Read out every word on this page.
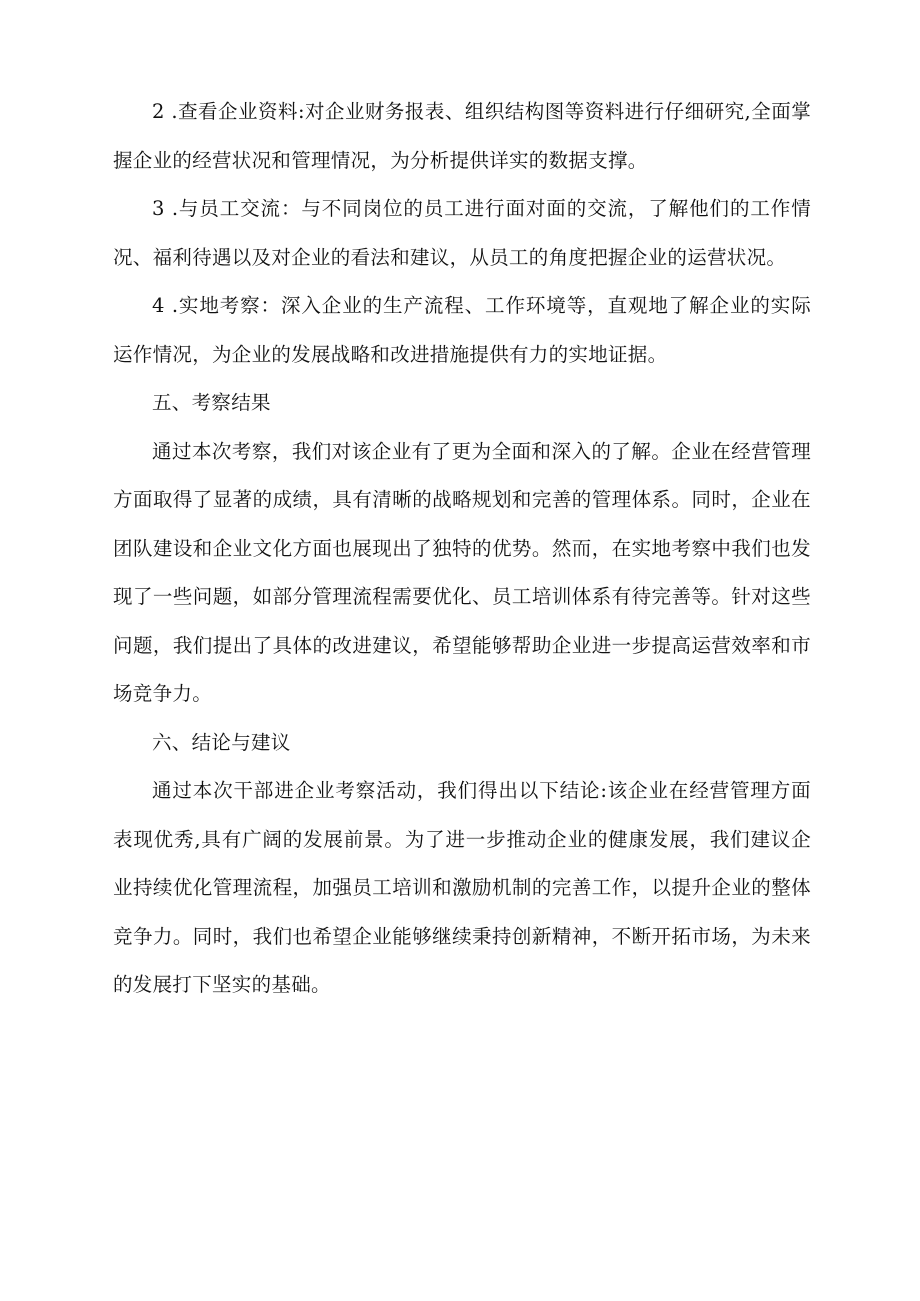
2 .查看企业资料:对企业财务报表、组织结构图等资料进行仔细研究,全面掌握企业的经营状况和管理情况，为分析提供详实的数据支撑。

3 .与员工交流：与不同岗位的员工进行面对面的交流，了解他们的工作情况、福利待遇以及对企业的看法和建议，从员工的角度把握企业的运营状况。

4 .实地考察：深入企业的生产流程、工作环境等，直观地了解企业的实际运作情况，为企业的发展战略和改进措施提供有力的实地证据。

五、考察结果

通过本次考察，我们对该企业有了更为全面和深入的了解。企业在经营管理方面取得了显著的成绩，具有清晰的战略规划和完善的管理体系。同时，企业在团队建设和企业文化方面也展现出了独特的优势。然而，在实地考察中我们也发现了一些问题，如部分管理流程需要优化、员工培训体系有待完善等。针对这些问题，我们提出了具体的改进建议，希望能够帮助企业进一步提高运营效率和市场竞争力。

六、结论与建议

通过本次干部进企业考察活动，我们得出以下结论:该企业在经营管理方面表现优秀,具有广阔的发展前景。为了进一步推动企业的健康发展，我们建议企业持续优化管理流程，加强员工培训和激励机制的完善工作，以提升企业的整体竞争力。同时，我们也希望企业能够继续秉持创新精神，不断开拓市场，为未来的发展打下坚实的基础。
